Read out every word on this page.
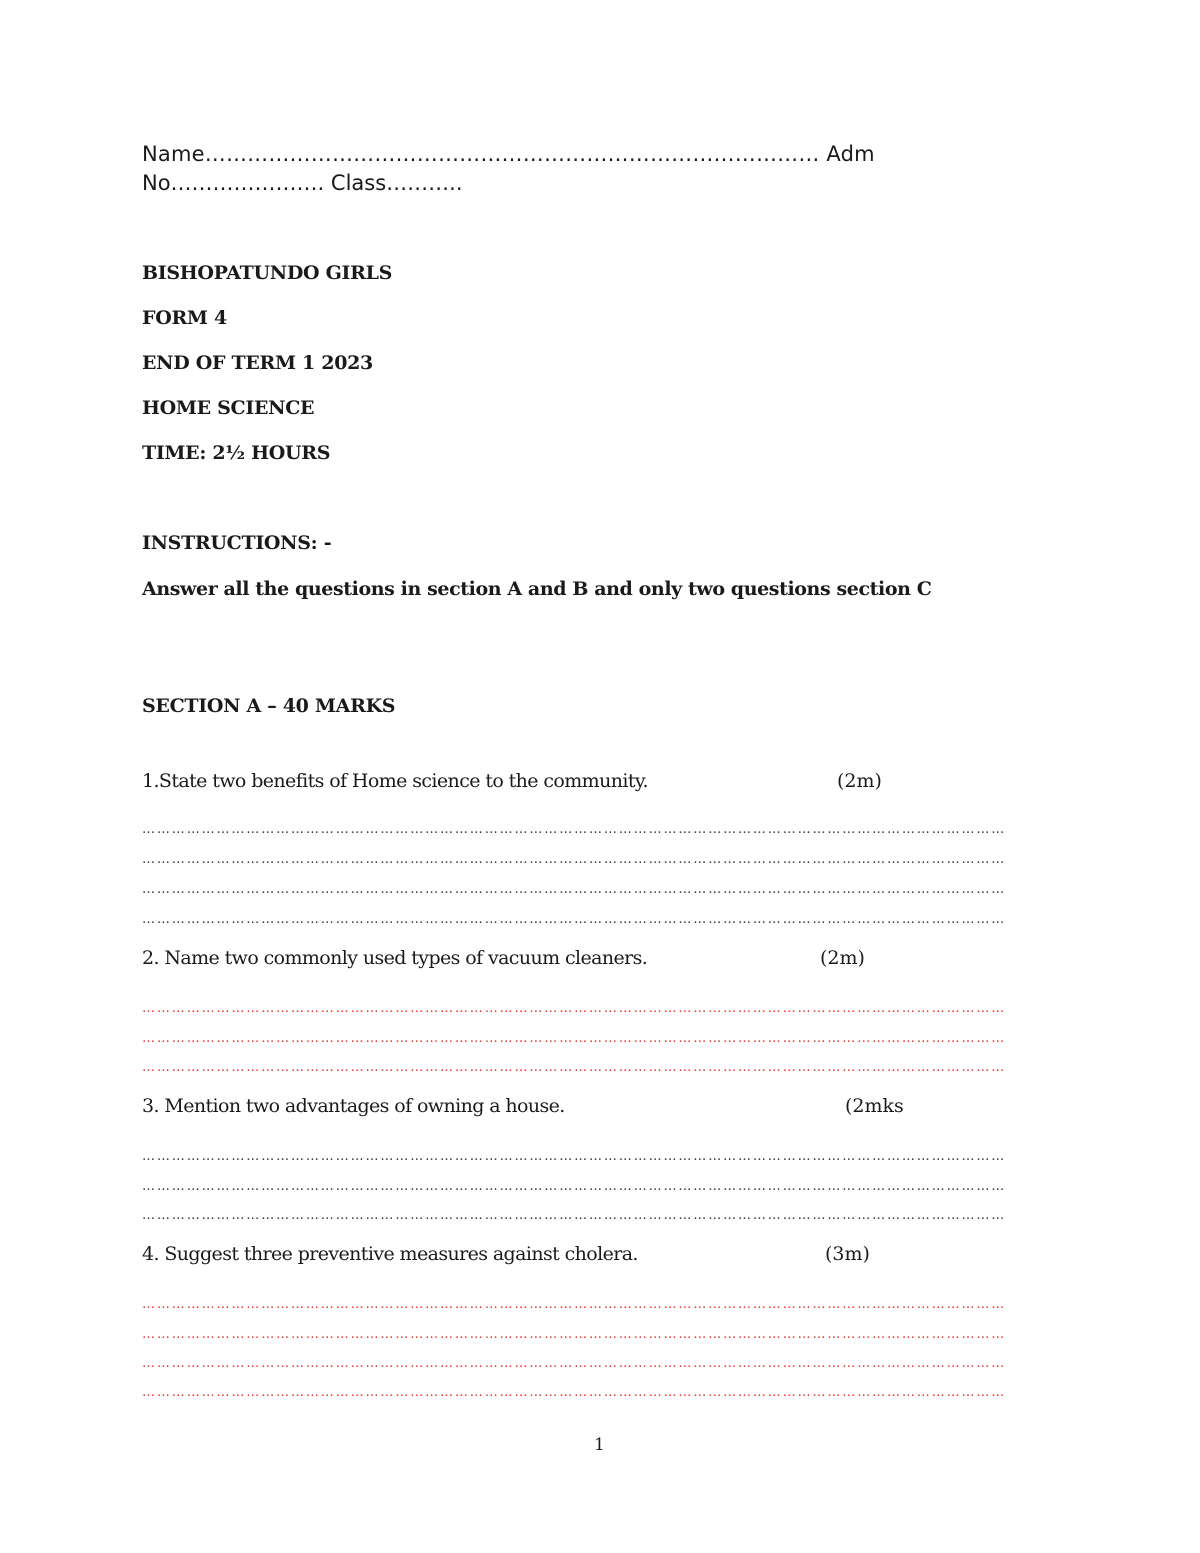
Name…………………………………………………………………………… Adm
No…………………. Class………..
BISHOPATUNDO GIRLS
FORM 4
END OF TERM 1 2023
HOME SCIENCE
TIME: 2½ HOURS
INSTRUCTIONS: -
Answer all the questions in section A and B and only two questions section C
SECTION A – 40 MARKS
1.State two benefits of Home science to the community.	(2m)
…………………………………………………………………………………………………………………………………………………………
…………………………………………………………………………………………………………………………………………………………
…………………………………………………………………………………………………………………………………………………………
…………………………………………………………………………………………………………………………………………………………
2. Name two commonly used types of vacuum cleaners.	(2m)
…………………………………………………………………………………………………………………………………………………………
…………………………………………………………………………………………………………………………………………………………
…………………………………………………………………………………………………………………………………………………………
3. Mention two advantages of owning a house.	(2mks
…………………………………………………………………………………………………………………………………………………………
…………………………………………………………………………………………………………………………………………………………
…………………………………………………………………………………………………………………………………………………………
4. Suggest three preventive measures against cholera.	(3m)
…………………………………………………………………………………………………………………………………………………………
…………………………………………………………………………………………………………………………………………………………
…………………………………………………………………………………………………………………………………………………………
…………………………………………………………………………………………………………………………………………………………
1
